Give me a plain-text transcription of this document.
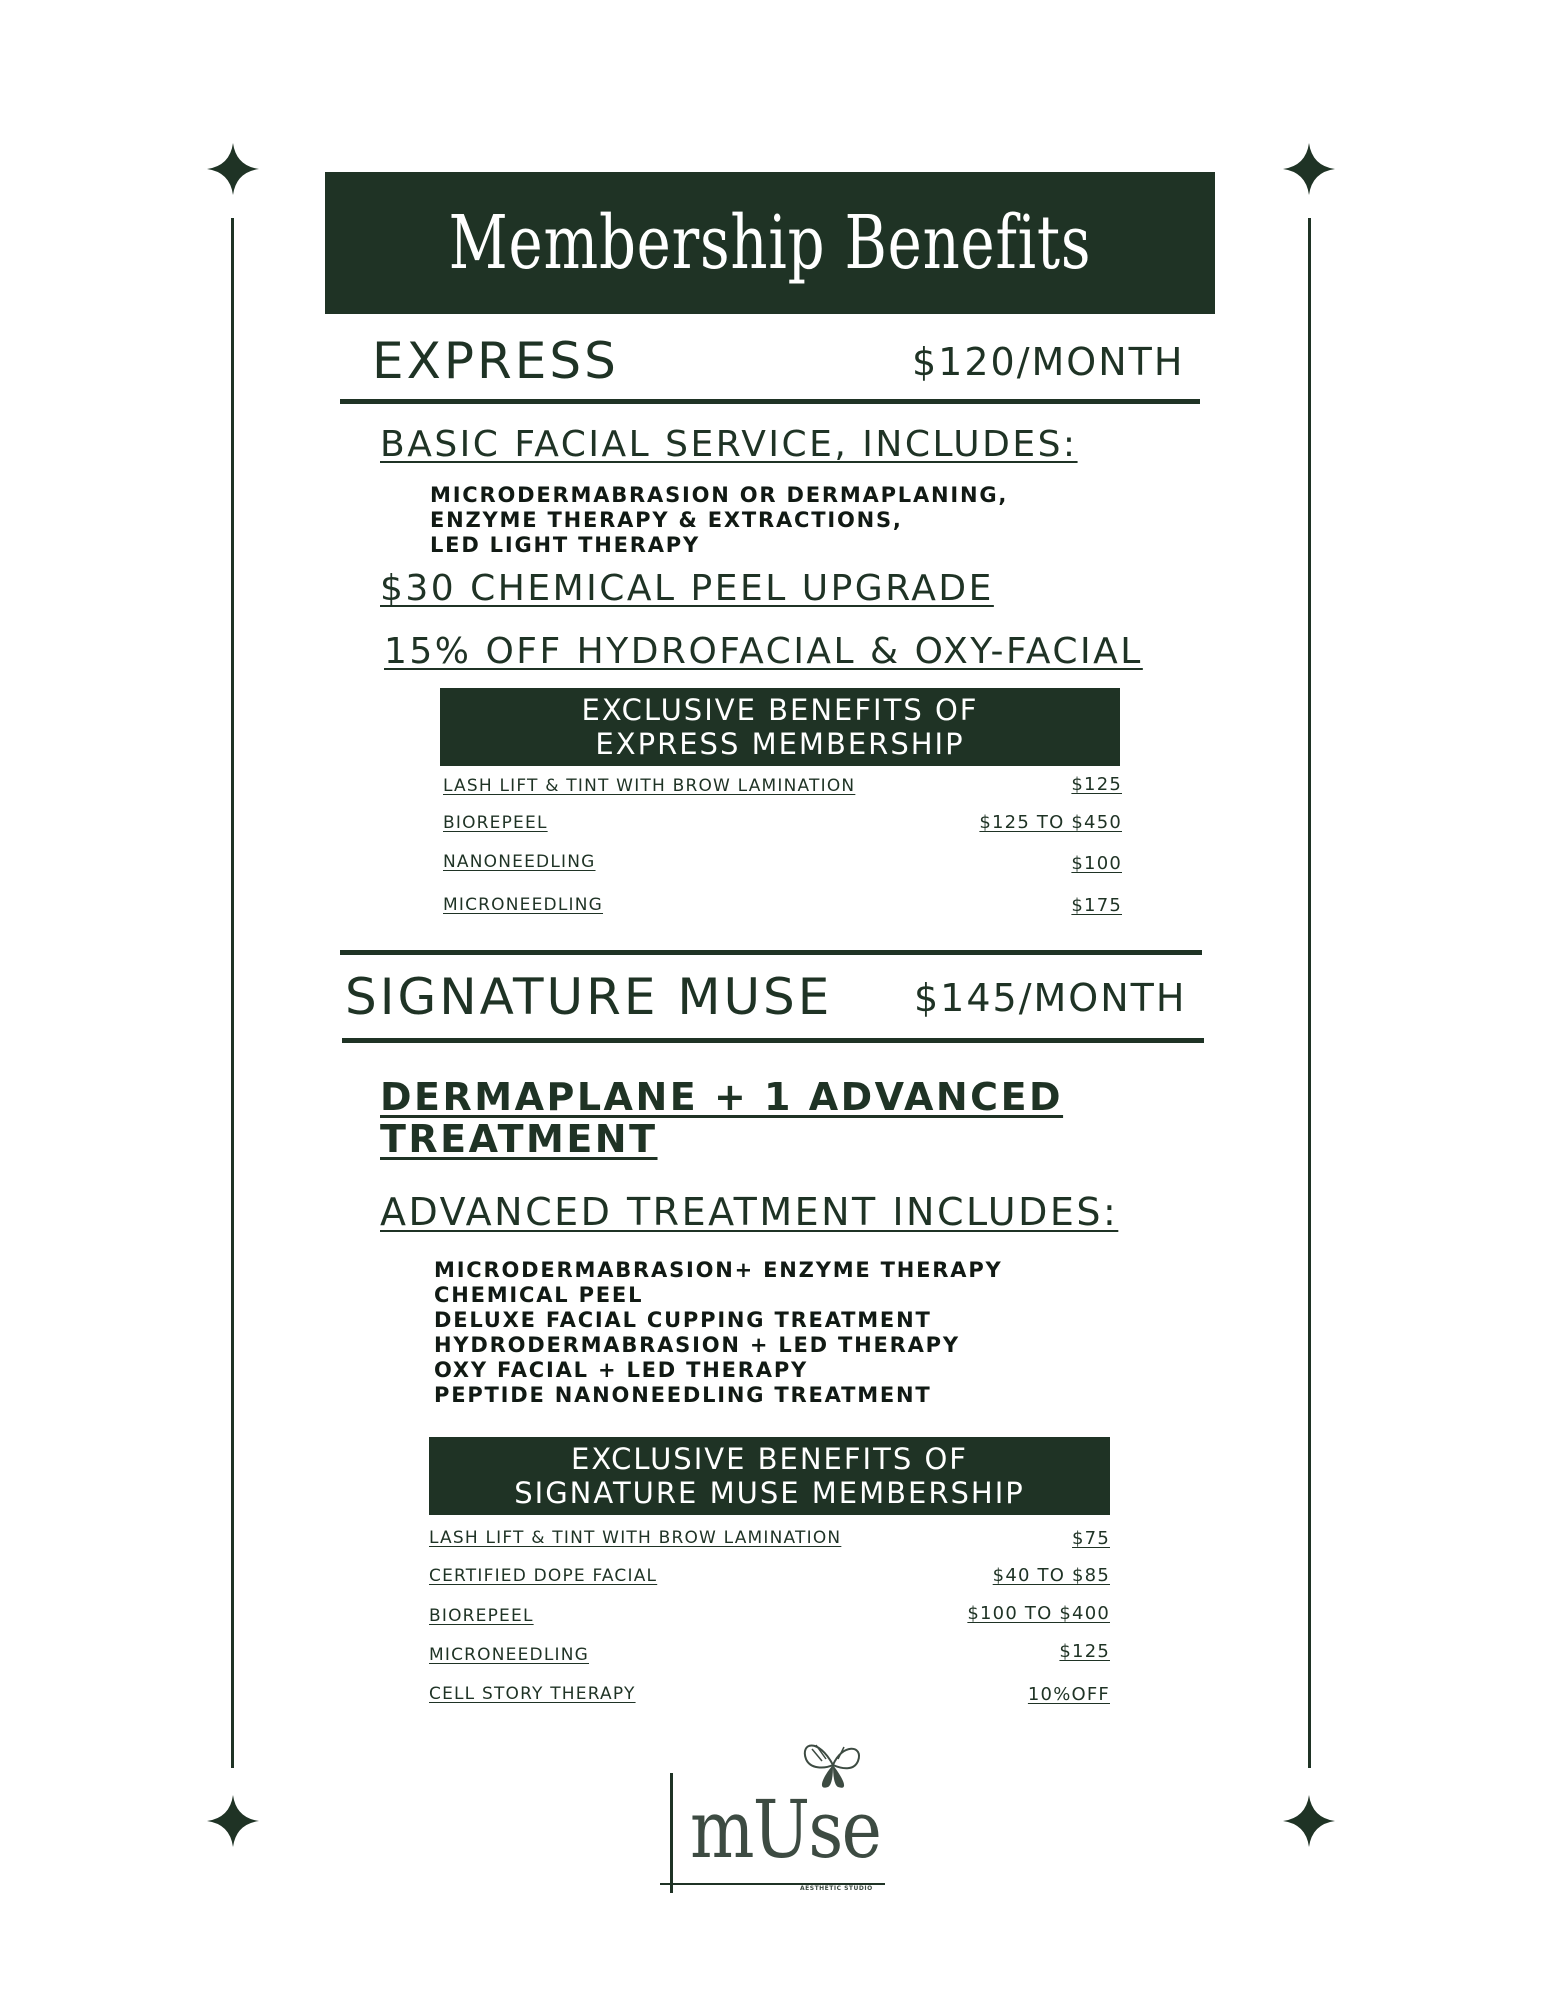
Membership Benefits
EXPRESS	$120/MONTH
BASIC FACIAL SERVICE, INCLUDES:
MICRODERMABRASION OR DERMAPLANING,
ENZYME THERAPY & EXTRACTIONS,
LED LIGHT THERAPY
$30 CHEMICAL PEEL UPGRADE
15% OFF HYDROFACIAL & OXY-FACIAL
EXCLUSIVE BENEFITS OF
EXPRESS MEMBERSHIP
LASH LIFT & TINT WITH BROW LAMINATION	$125
BIOREPEEL	$125 TO $450
NANONEEDLING	$100
MICRONEEDLING	$175
SIGNATURE MUSE $145/MONTH
DERMAPLANE + 1 ADVANCED
TREATMENT
ADVANCED TREATMENT INCLUDES:
MICRODERMABRASION+ ENZYME THERAPY
CHEMICAL PEEL
DELUXE FACIAL CUPPING TREATMENT
HYDRODERMABRASION + LED THERAPY
OXY FACIAL + LED THERAPY
PEPTIDE NANONEEDLING TREATMENT
EXCLUSIVE BENEFITS OF
SIGNATURE MUSE MEMBERSHIP
LASH LIFT & TINT WITH BROW LAMINATION	$75
CERTIFIED DOPE FACIAL	$40 TO $85
BIOREPEEL	$100 TO $400
MICRONEEDLING	$125
CELL STORY THERAPY	10%OFF
mUse
AESTHETIC STUDIO
